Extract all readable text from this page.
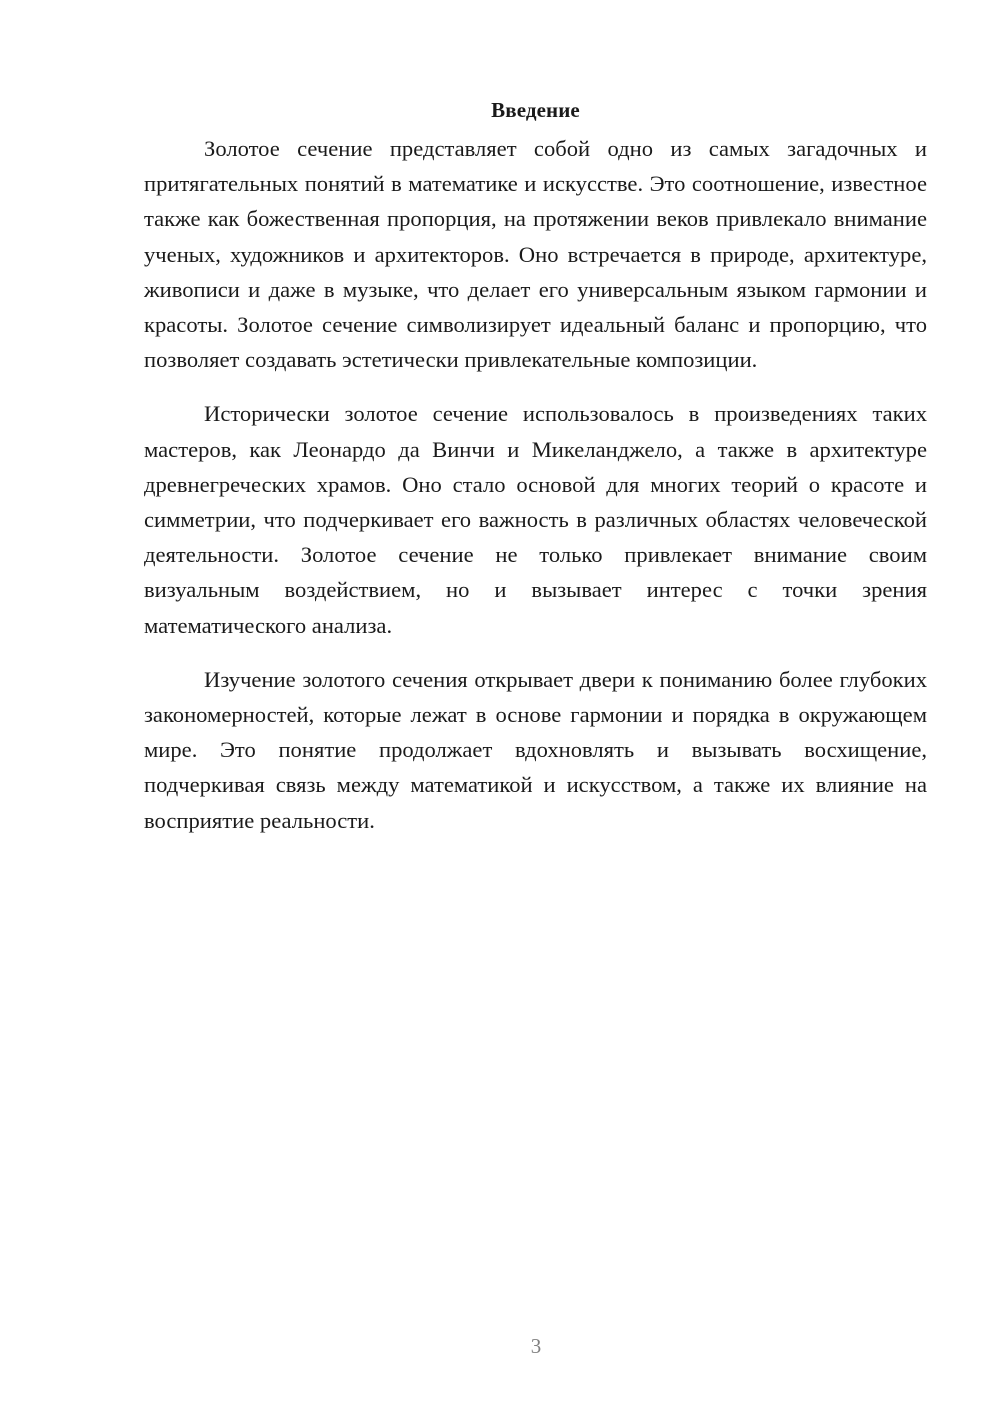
Введение

Золотое сечение представляет собой одно из самых загадочных и притягательных понятий в математике и искусстве. Это соотношение, известное также как божественная пропорция, на протяжении веков привлекало внимание ученых, художников и архитекторов. Оно встречается в природе, архитектуре, живописи и даже в музыке, что делает его универсальным языком гармонии и красоты. Золотое сечение символизирует идеальный баланс и пропорцию, что позволяет создавать эстетически привлекательные композиции.

Исторически золотое сечение использовалось в произведениях таких мастеров, как Леонардо да Винчи и Микеланджело, а также в архитектуре древнегреческих храмов. Оно стало основой для многих теорий о красоте и симметрии, что подчеркивает его важность в различных областях человеческой деятельности. Золотое сечение не только привлекает внимание своим визуальным воздействием, но и вызывает интерес с точки зрения математического анализа.

Изучение золотого сечения открывает двери к пониманию более глубоких закономерностей, которые лежат в основе гармонии и порядка в окружающем мире. Это понятие продолжает вдохновлять и вызывать восхищение, подчеркивая связь между математикой и искусством, а также их влияние на восприятие реальности.

3
